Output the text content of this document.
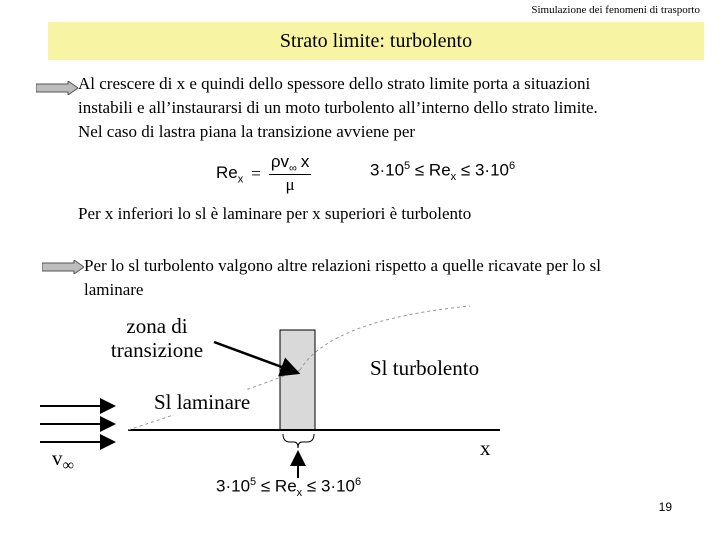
Simulazione dei fenomeni di trasporto
Strato limite: turbolento
Al crescere di x e quindi dello spessore dello strato limite porta a situazioni
instabili e all’instaurarsi di un moto turbolento all’interno dello strato limite.
Nel caso di lastra piana la transizione avviene per
$Re_x = \frac{\rho v_\infty x}{\mu}$	$3\cdot 10^5 \le Re_x \le 3\cdot 10^6$
Per x inferiori lo sl è laminare per x superiori è turbolento
Per lo sl turbolento valgono altre relazioni rispetto a quelle ricavate per lo sl
laminare
zona di
transizione
Sl turbolento
Sl laminare
x
$v_\infty$
$3\cdot 10^5 \le Re_x \le 3\cdot 10^6$
19
